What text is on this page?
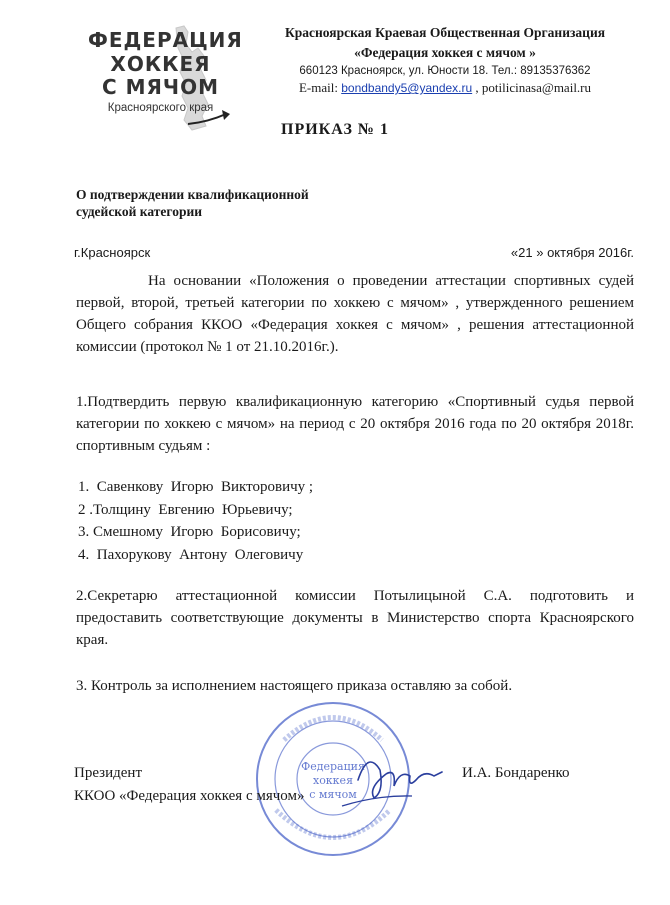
ФЕДЕРАЦИЯ
ХОККЕЯ
С МЯЧОМ
Красноярского края
Красноярская Краевая Общественная Организация
«Федерация хоккея с мячом »
660123 Красноярск, ул. Юности 18. Тел.: 89135376362
E-mail: bondbandy5@yandex.ru , potilicinasa@mail.ru
ПРИКАЗ № 1
О подтверждении квалификационной
судейской категории
г.Красноярск	«21 » октября 2016г.
На основании «Положения о проведении аттестации спортивных судей первой, второй, третьей категории по хоккею с мячом» , утвержденного решением Общего собрания ККОО «Федерация хоккея с мячом» , решения аттестационной комиссии (протокол № 1 от 21.10.2016г.).
1.Подтвердить первую квалификационную категорию «Спортивный судья первой категории по хоккею с мячом» на период с 20 октября 2016 года по 20 октября 2018г. спортивным судьям :
1.  Савенкову  Игорю  Викторовичу ;
2 .Толщину  Евгению  Юрьевичу;
3. Смешному  Игорю  Борисовичу;
4.  Пахорукову  Антону  Олеговичу
2.Секретарю аттестационной комиссии Потылицыной С.А. подготовить и предоставить соответствующие документы в Министерство спорта Красноярского края.
3. Контроль за исполнением настоящего приказа оставляю за собой.
Федерация
хоккея
с мячом
Президент
ККОО «Федерация хоккея с мячом»
И.А. Бондаренко
